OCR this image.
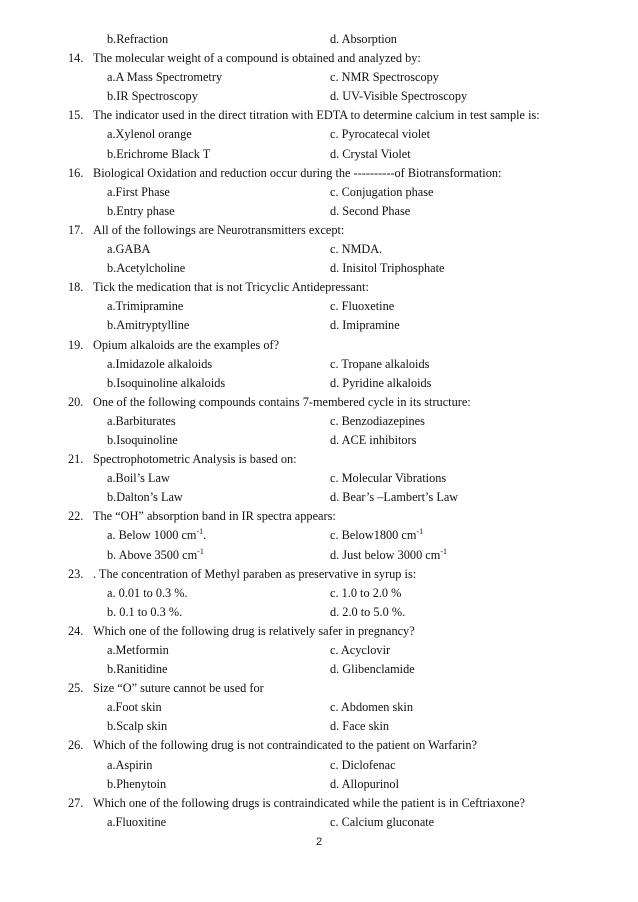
b.Refraction	d. Absorption
14. The molecular weight of a compound is obtained and analyzed by:
a.A Mass Spectrometry	c. NMR Spectroscopy
b.IR Spectroscopy	d. UV-Visible Spectroscopy
15. The indicator used in the direct titration with EDTA to determine calcium in test sample is:
a.Xylenol orange	c. Pyrocatecal violet
b.Erichrome Black T	d. Crystal Violet
16. Biological Oxidation and reduction occur during the ----------of Biotransformation:
a.First Phase	c. Conjugation phase
b.Entry phase	d. Second Phase
17. All of the followings are Neurotransmitters except:
a.GABA	c. NMDA.
b.Acetylcholine	d. Inisitol Triphosphate
18. Tick the medication that is not Tricyclic Antidepressant:
a.Trimipramine	c. Fluoxetine
b.Amitryptylline	d. Imipramine
19. Opium alkaloids are the examples of?
a.Imidazole alkaloids	c. Tropane alkaloids
b.Isoquinoline alkaloids	d. Pyridine alkaloids
20. One of the following compounds contains 7-membered cycle in its structure:
a.Barbiturates	c. Benzodiazepines
b.Isoquinoline	d. ACE inhibitors
21. Spectrophotometric Analysis is based on:
a.Boil’s Law	c. Molecular Vibrations
b.Dalton’s Law	d. Bear’s –Lambert’s Law
22. The “OH” absorption band in IR spectra appears:
a. Below 1000 $cm^{-1}$.	c. Below1800 $cm^{-1}$
b. Above 3500 $cm^{-1}$	d. Just below 3000 $cm^{-1}$
23. . The concentration of Methyl paraben as preservative in syrup is:
a. 0.01 to 0.3 %.	c. 1.0 to 2.0 %
b. 0.1 to 0.3 %.	d. 2.0 to 5.0 %.
24. Which one of the following drug is relatively safer in pregnancy?
a.Metformin	c. Acyclovir
b.Ranitidine	d. Glibenclamide
25. Size “O” suture cannot be used for
a.Foot skin	c. Abdomen skin
b.Scalp skin	d. Face skin
26. Which of the following drug is not contraindicated to the patient on Warfarin?
a.Aspirin	c. Diclofenac
b.Phenytoin	d. Allopurinol
27. Which one of the following drugs is contraindicated while the patient is in Ceftriaxone?
a.Fluoxitine	c. Calcium gluconate
2
